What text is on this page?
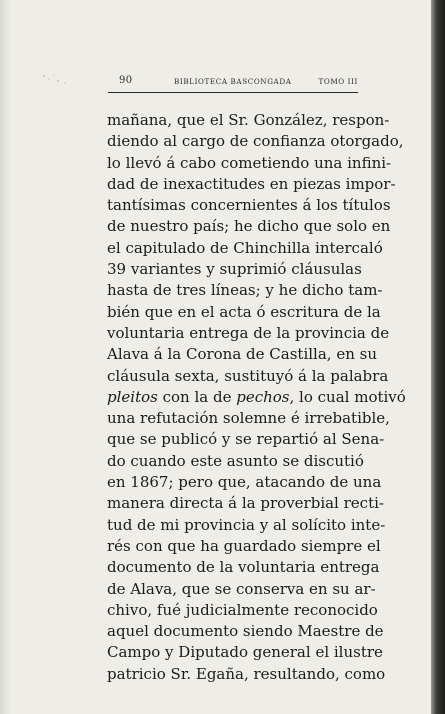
90	BIBLIOTECA BASCONGADA	TOMO III
mañana, que el Sr. González, respon-
diendo al cargo de confianza otorgado,
lo llevó á cabo cometiendo una infini-
dad de inexactitudes en piezas impor-
tantísimas concernientes á los títulos
de nuestro país; he dicho que solo en
el capitulado de Chinchilla intercaló
39 variantes y suprimió cláusulas
hasta de tres líneas; y he dicho tam-
bién que en el acta ó escritura de la
voluntaria entrega de la provincia de
Alava á la Corona de Castilla, en su
cláusula sexta, sustituyó á la palabra
pleitos con la de pechos, lo cual motivó
una refutación solemne é irrebatible,
que se publicó y se repartió al Sena-
do cuando este asunto se discutió
en 1867; pero que, atacando de una
manera directa á la proverbial recti-
tud de mi provincia y al solícito inte-
rés con que ha guardado siempre el
documento de la voluntaria entrega
de Alava, que se conserva en su ar-
chivo, fué judicialmente reconocido
aquel documento siendo Maestre de
Campo y Diputado general el ilustre
patricio Sr. Egaña, resultando, como
